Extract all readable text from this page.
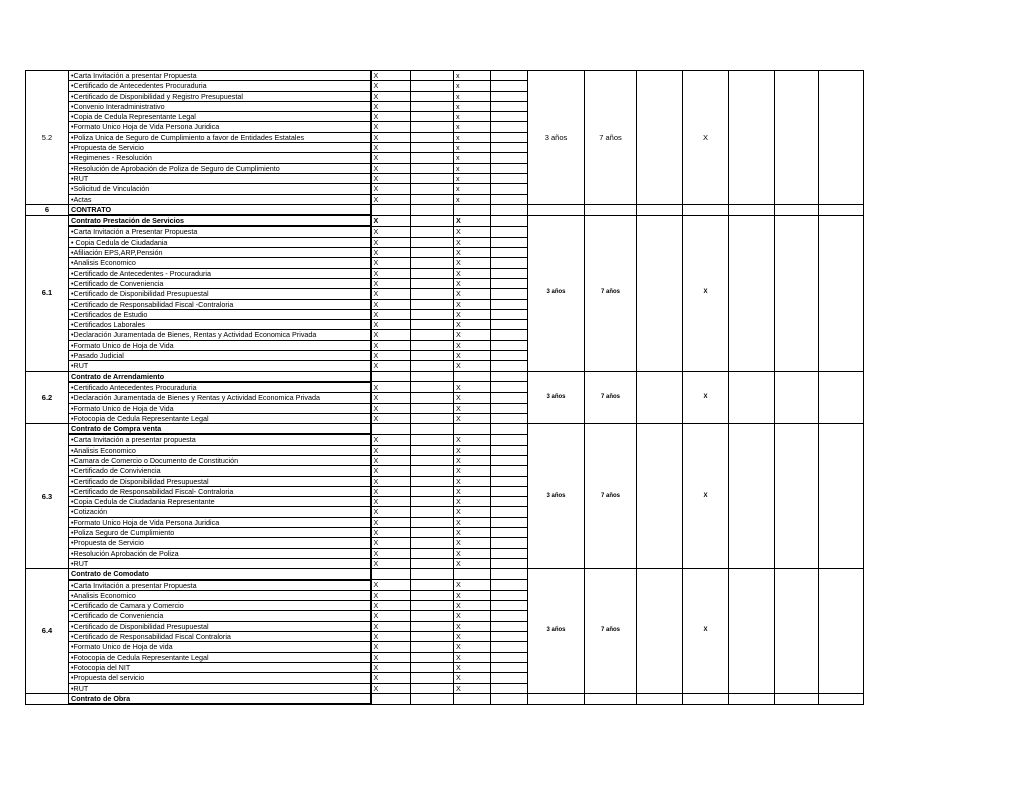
5.2	•Carta Invitación a presentar Propuesta	X		x		3 años	7 años		X			
	•Certificado de Antecedentes Procuraduria	X		x								
	•Certificado de Disponibilidad y Registro Presupuestal	X		x								
	•Convenio Interadministrativo	X		x								
	•Copia de Cedula Representante Legal	X		x								
	•Formato Unico Hoja de Vida Persona Juridica	X		x								
	•Poliza Unica de Seguro de Cumplimiento a favor de Entidades Estatales	X		x								
	•Propuesta de Servicio	X		x								
	•Regimenes - Resolución	X		x								
	•Resolución de Aprobación de Poliza de Seguro de Cumplimiento	X		x								
	•RUT	X		x								
	•Solicitud de Vinculación	X		x								
	•Actas	X		x								
6	CONTRATO											
6.1	Contrato Prestación de Servicios	X		X		3 años	7 años		X			
	•Carta Invitación a Presentar Propuesta	X		X								
	• Copia Cedula de Ciudadania	X		X								
	•Afiliación EPS,ARP,Pensión	X		X								
	•Analisis Economico	X		X								
	•Certificado de Antecedentes - Procuraduria	X		X								
	•Certificado de Conveniencia	X		X								
	•Certificado de Disponibilidad Presupuestal	X		X								
	•Certificado de Responsabilidad Fiscal -Contraloria	X		X								
	•Certificados de Estudio	X		X								
	•Certificados Laborales	X		X								
	•Declaración Juramentada de Bienes, Rentas y Actividad Economica Privada	X		X								
	•Formato Unico de Hoja de Vida	X		X								
	•Pasado Judicial	X		X								
	•RUT	X		X								
6.2	Contrato de Arrendamiento					3 años	7 años		X			
	•Certificado Antecedentes Procuraduria	X		X								
	•Declaración Juramentada de Bienes y Rentas y Actividad Economica Privada	X		X								
	•Formato Unico de Hoja de Vida	X		X								
	•Fotocopia de Cedula Representante Legal	X		X								
6.3	Contrato de Compra venta					3 años	7 años		X			
	•Carta Invitación a presentar propuesta	X		X								
	•Analisis Economico	X		X								
	•Camara de Comercio o Documento de Constitución	X		X								
	•Certificado de Conviviencia	X		X								
	•Certificado de Disponibilidad Presupuestal	X		X								
	•Certificado de Responsabilidad Fiscal- Contraloria	X		X								
	•Copia Cedula de Ciudadania Representante	X		X								
	•Cotización	X		X								
	•Formato Unico Hoja de Vida Persona Juridica	X		X								
	•Poliza Seguro de Cumplimiento	X		X								
	•Propuesta de Servicio	X		X								
	•Resolución Aprobación de Poliza	X		X								
	•RUT	X		X								
6.4	Contrato de Comodato					3 años	7 años		X			
	•Carta Invitación a presentar Propuesta	X		X								
	•Analisis Economico	X		X								
	•Certificado de Camara y Comercio	X		X								
	•Certificado de Conveniencia	X		X								
	•Certificado de Disponibilidad Presupuestal	X		X								
	•Certificado de Responsabilidad Fiscal Contraloria	X		X								
	•Formato Unico de Hoja de vida	X		X								
	•Fotocopia de Cedula Representante Legal	X		X								
	•Fotocopia del NIT	X		X								
	•Propuesta del servicio	X		X								
	•RUT	X		X								
	Contrato de Obra											
